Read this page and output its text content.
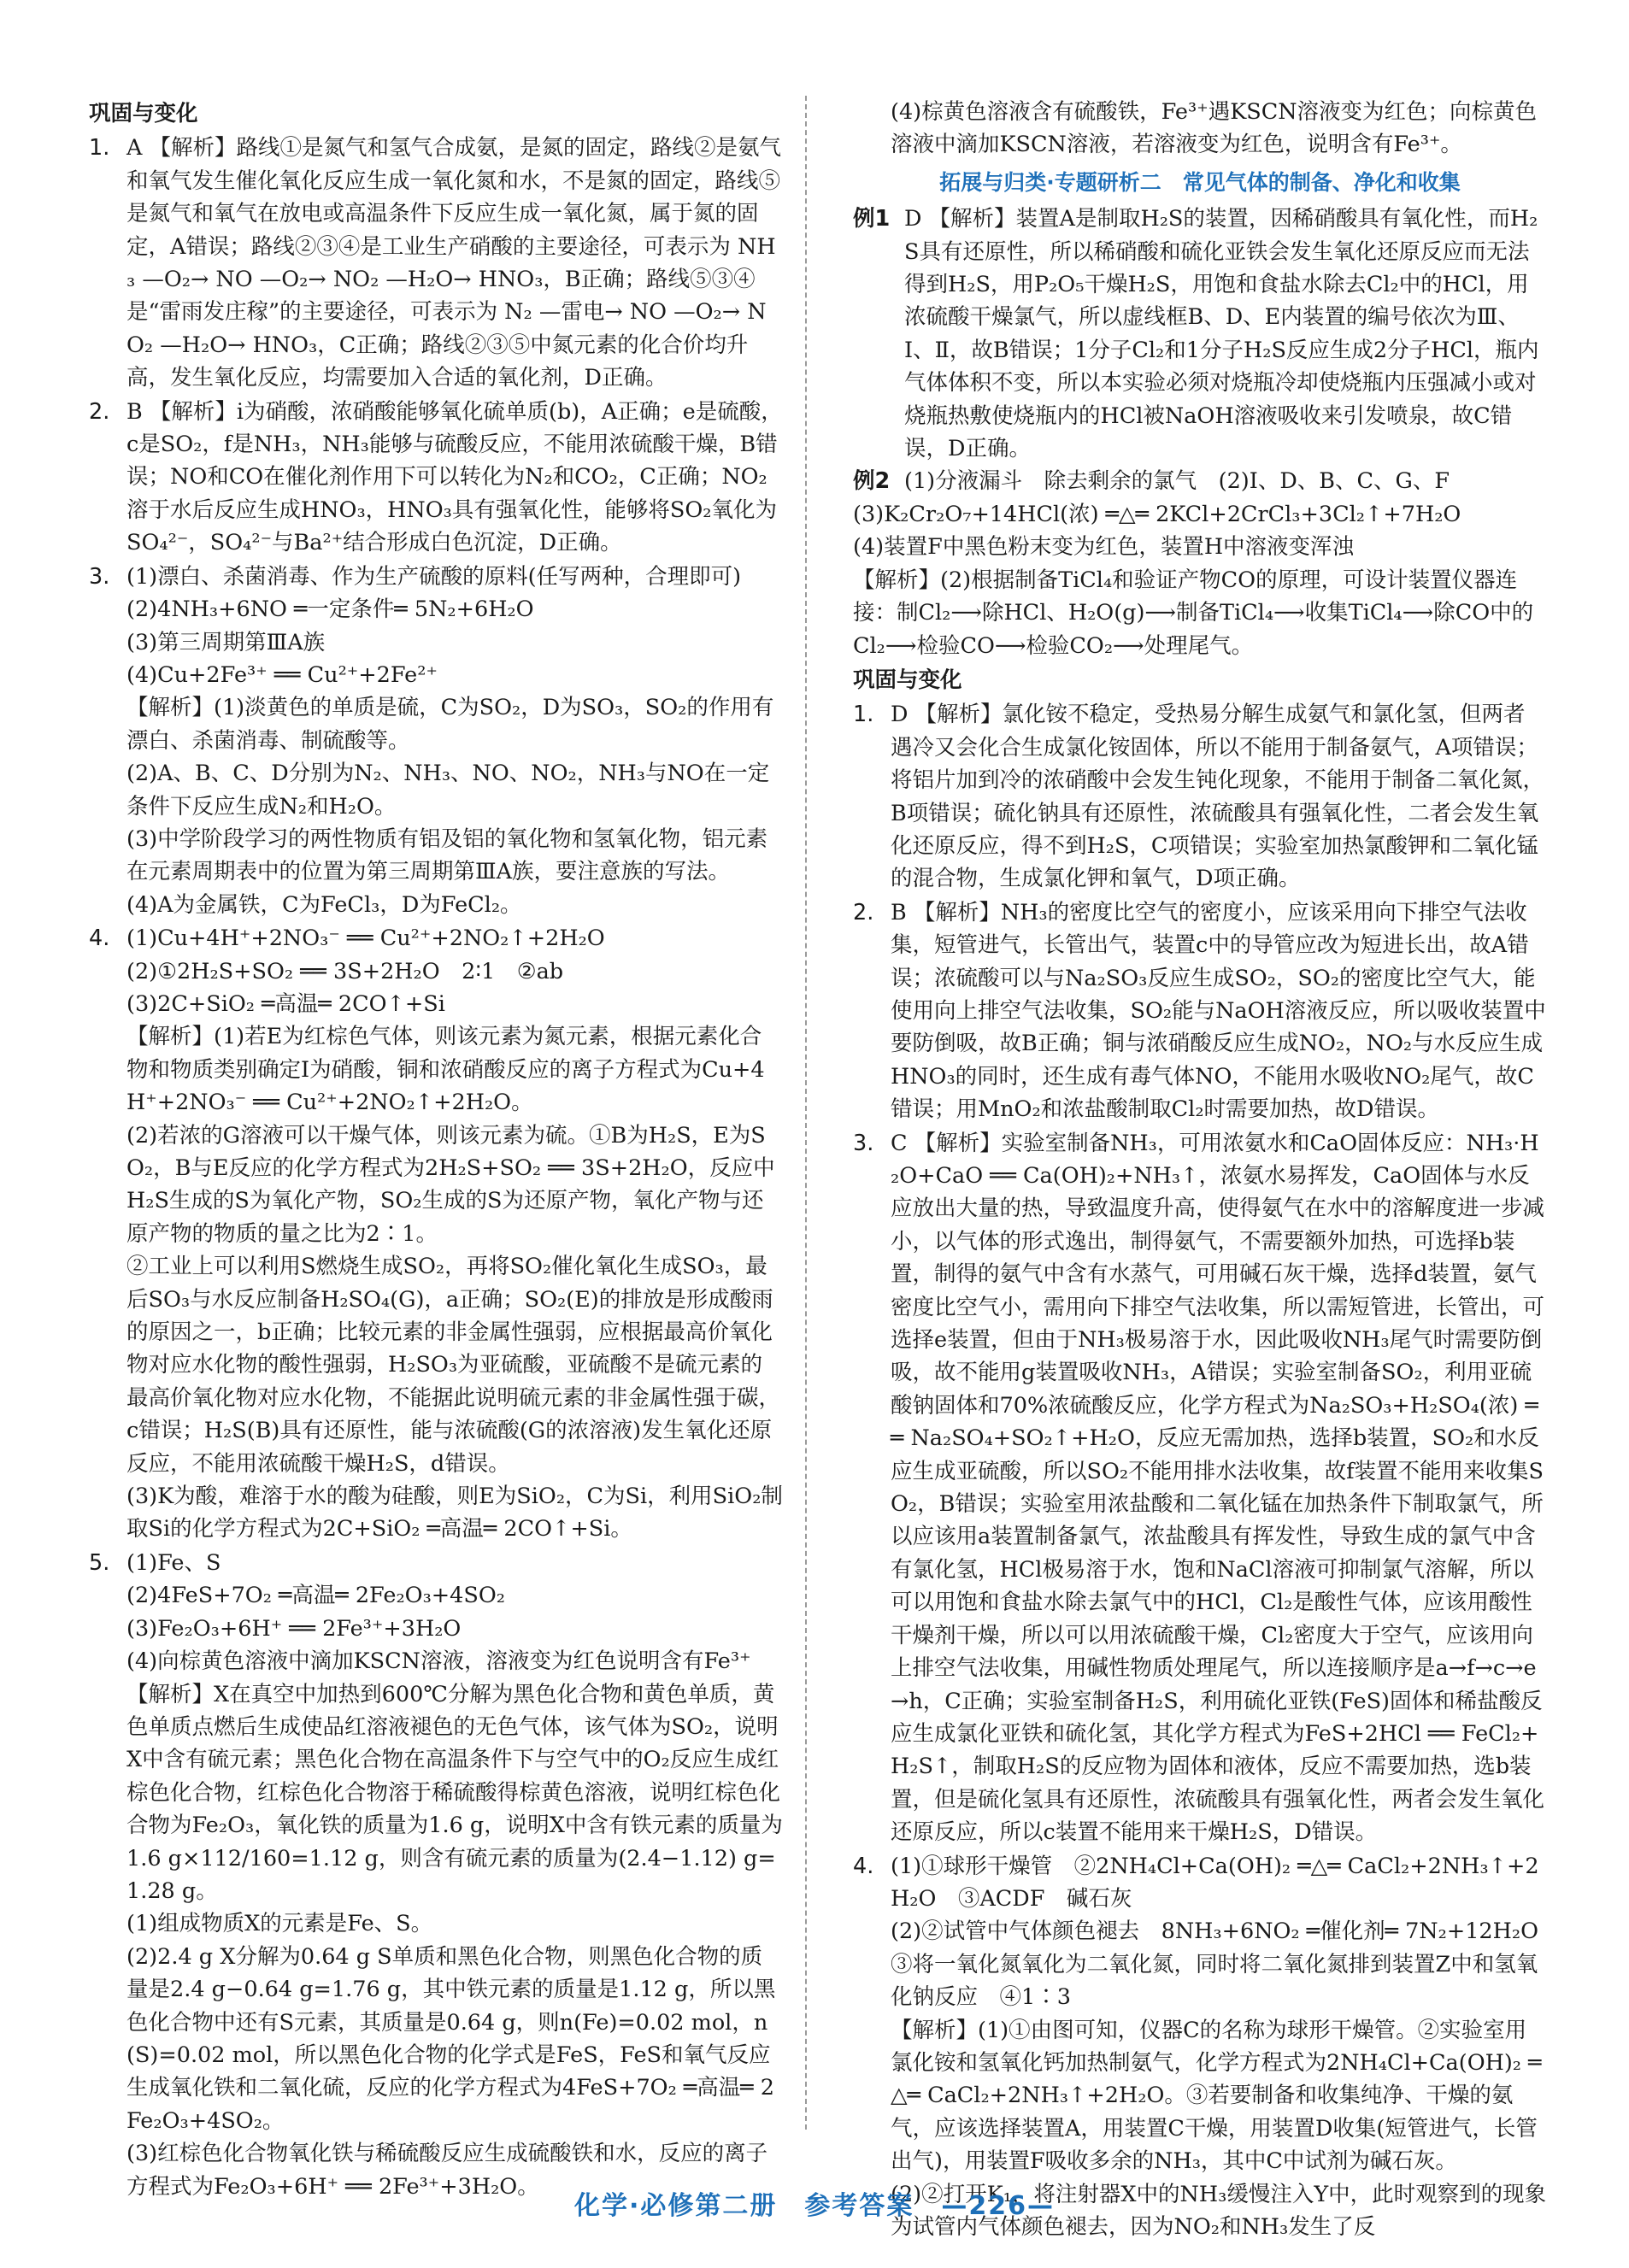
巩固与变化
1. A 【解析】路线①是氮气和氢气合成氨，是氮的固定，路线②是氨气和氧气发生催化氧化反应生成一氧化氮和水，不是氮的固定，路线⑤是氮气和氧气在放电或高温条件下反应生成一氧化氮，属于氮的固定，A错误；路线②③④是工业生产硝酸的主要途径，可表示为 NH₃ —O₂→ NO —O₂→ NO₂ —H₂O→ HNO₃，B正确；路线⑤③④是“雷雨发庄稼”的主要途径，可表示为 N₂ —雷电→ NO —O₂→ NO₂ —H₂O→ HNO₃，C正确；路线②③⑤中氮元素的化合价均升高，发生氧化反应，均需要加入合适的氧化剂，D正确。
2. B 【解析】i为硝酸，浓硝酸能够氧化硫单质(b)，A正确；e是硫酸，c是SO₂，f是NH₃，NH₃能够与硫酸反应，不能用浓硫酸干燥，B错误；NO和CO在催化剂作用下可以转化为N₂和CO₂，C正确；NO₂溶于水后反应生成HNO₃，HNO₃具有强氧化性，能够将SO₂氧化为SO₄²⁻，SO₄²⁻与Ba²⁺结合形成白色沉淀，D正确。
3. (1)漂白、杀菌消毒、作为生产硫酸的原料(任写两种，合理即可)
(2)4NH₃+6NO ═一定条件═ 5N₂+6H₂O
(3)第三周期第ⅢA族
(4)Cu+2Fe³⁺ ══ Cu²⁺+2Fe²⁺
【解析】(1)淡黄色的单质是硫，C为SO₂，D为SO₃，SO₂的作用有漂白、杀菌消毒、制硫酸等。
(2)A、B、C、D分别为N₂、NH₃、NO、NO₂，NH₃与NO在一定条件下反应生成N₂和H₂O。
(3)中学阶段学习的两性物质有铝及铝的氧化物和氢氧化物，铝元素在元素周期表中的位置为第三周期第ⅢA族，要注意族的写法。
(4)A为金属铁，C为FeCl₃，D为FeCl₂。
4. (1)Cu+4H⁺+2NO₃⁻ ══ Cu²⁺+2NO₂↑+2H₂O
(2)①2H₂S+SO₂ ══ 3S+2H₂O　2∶1　②ab
(3)2C+SiO₂ ═高温═ 2CO↑+Si
【解析】(1)若E为红棕色气体，则该元素为氮元素，根据元素化合物和物质类别确定I为硝酸，铜和浓硝酸反应的离子方程式为Cu+4H⁺+2NO₃⁻ ══ Cu²⁺+2NO₂↑+2H₂O。
(2)若浓的G溶液可以干燥气体，则该元素为硫。①B为H₂S，E为SO₂，B与E反应的化学方程式为2H₂S+SO₂ ══ 3S+2H₂O，反应中H₂S生成的S为氧化产物，SO₂生成的S为还原产物，氧化产物与还原产物的物质的量之比为2∶1。
②工业上可以利用S燃烧生成SO₂，再将SO₂催化氧化生成SO₃，最后SO₃与水反应制备H₂SO₄(G)，a正确；SO₂(E)的排放是形成酸雨的原因之一，b正确；比较元素的非金属性强弱，应根据最高价氧化物对应水化物的酸性强弱，H₂SO₃为亚硫酸，亚硫酸不是硫元素的最高价氧化物对应水化物，不能据此说明硫元素的非金属性强于碳，c错误；H₂S(B)具有还原性，能与浓硫酸(G的浓溶液)发生氧化还原反应，不能用浓硫酸干燥H₂S，d错误。
(3)K为酸，难溶于水的酸为硅酸，则E为SiO₂，C为Si，利用SiO₂制取Si的化学方程式为2C+SiO₂ ═高温═ 2CO↑+Si。
5. (1)Fe、S
(2)4FeS+7O₂ ═高温═ 2Fe₂O₃+4SO₂
(3)Fe₂O₃+6H⁺ ══ 2Fe³⁺+3H₂O
(4)向棕黄色溶液中滴加KSCN溶液，溶液变为红色说明含有Fe³⁺
【解析】X在真空中加热到600℃分解为黑色化合物和黄色单质，黄色单质点燃后生成使品红溶液褪色的无色气体，该气体为SO₂，说明X中含有硫元素；黑色化合物在高温条件下与空气中的O₂反应生成红棕色化合物，红棕色化合物溶于稀硫酸得棕黄色溶液，说明红棕色化合物为Fe₂O₃，氧化铁的质量为1.6 g，说明X中含有铁元素的质量为1.6 g×112/160=1.12 g，则含有硫元素的质量为(2.4−1.12) g=1.28 g。
(1)组成物质X的元素是Fe、S。
(2)2.4 g X分解为0.64 g S单质和黑色化合物，则黑色化合物的质量是2.4 g−0.64 g=1.76 g，其中铁元素的质量是1.12 g，所以黑色化合物中还有S元素，其质量是0.64 g，则n(Fe)=0.02 mol，n(S)=0.02 mol，所以黑色化合物的化学式是FeS，FeS和氧气反应生成氧化铁和二氧化硫，反应的化学方程式为4FeS+7O₂ ═高温═ 2Fe₂O₃+4SO₂。
(3)红棕色化合物氧化铁与稀硫酸反应生成硫酸铁和水，反应的离子方程式为Fe₂O₃+6H⁺ ══ 2Fe³⁺+3H₂O。
(4)棕黄色溶液含有硫酸铁，Fe³⁺遇KSCN溶液变为红色；向棕黄色溶液中滴加KSCN溶液，若溶液变为红色，说明含有Fe³⁺。
拓展与归类·专题研析二　常见气体的制备、净化和收集
例1 D 【解析】装置A是制取H₂S的装置，因稀硝酸具有氧化性，而H₂S具有还原性，所以稀硝酸和硫化亚铁会发生氧化还原反应而无法得到H₂S，用P₂O₅干燥H₂S，用饱和食盐水除去Cl₂中的HCl，用浓硫酸干燥氯气，所以虚线框B、D、E内装置的编号依次为Ⅲ、Ⅰ、Ⅱ，故B错误；1分子Cl₂和1分子H₂S反应生成2分子HCl，瓶内气体体积不变，所以本实验必须对烧瓶冷却使烧瓶内压强减小或对烧瓶热敷使烧瓶内的HCl被NaOH溶液吸收来引发喷泉，故C错误，D正确。
例2 (1)分液漏斗　除去剩余的氯气　(2)I、D、B、C、G、F
(3)K₂Cr₂O₇+14HCl(浓) ═△═ 2KCl+2CrCl₃+3Cl₂↑+7H₂O
(4)装置F中黑色粉末变为红色，装置H中溶液变浑浊
【解析】(2)根据制备TiCl₄和验证产物CO的原理，可设计装置仪器连接：制Cl₂⟶除HCl、H₂O(g)⟶制备TiCl₄⟶收集TiCl₄⟶除CO中的Cl₂⟶检验CO⟶检验CO₂⟶处理尾气。
巩固与变化
1. D 【解析】氯化铵不稳定，受热易分解生成氨气和氯化氢，但两者遇冷又会化合生成氯化铵固体，所以不能用于制备氨气，A项错误；将铝片加到冷的浓硝酸中会发生钝化现象，不能用于制备二氧化氮，B项错误；硫化钠具有还原性，浓硫酸具有强氧化性，二者会发生氧化还原反应，得不到H₂S，C项错误；实验室加热氯酸钾和二氧化锰的混合物，生成氯化钾和氧气，D项正确。
2. B 【解析】NH₃的密度比空气的密度小，应该采用向下排空气法收集，短管进气，长管出气，装置c中的导管应改为短进长出，故A错误；浓硫酸可以与Na₂SO₃反应生成SO₂，SO₂的密度比空气大，能使用向上排空气法收集，SO₂能与NaOH溶液反应，所以吸收装置中要防倒吸，故B正确；铜与浓硝酸反应生成NO₂，NO₂与水反应生成HNO₃的同时，还生成有毒气体NO，不能用水吸收NO₂尾气，故C错误；用MnO₂和浓盐酸制取Cl₂时需要加热，故D错误。
3. C 【解析】实验室制备NH₃，可用浓氨水和CaO固体反应：NH₃·H₂O+CaO ══ Ca(OH)₂+NH₃↑，浓氨水易挥发，CaO固体与水反应放出大量的热，导致温度升高，使得氨气在水中的溶解度进一步减小，以气体的形式逸出，制得氨气，不需要额外加热，可选择b装置，制得的氨气中含有水蒸气，可用碱石灰干燥，选择d装置，氨气密度比空气小，需用向下排空气法收集，所以需短管进，长管出，可选择e装置，但由于NH₃极易溶于水，因此吸收NH₃尾气时需要防倒吸，故不能用g装置吸收NH₃，A错误；实验室制备SO₂，利用亚硫酸钠固体和70%浓硫酸反应，化学方程式为Na₂SO₃+H₂SO₄(浓) ══ Na₂SO₄+SO₂↑+H₂O，反应无需加热，选择b装置，SO₂和水反应生成亚硫酸，所以SO₂不能用排水法收集，故f装置不能用来收集SO₂，B错误；实验室用浓盐酸和二氧化锰在加热条件下制取氯气，所以应该用a装置制备氯气，浓盐酸具有挥发性，导致生成的氯气中含有氯化氢，HCl极易溶于水，饱和NaCl溶液可抑制氯气溶解，所以可以用饱和食盐水除去氯气中的HCl，Cl₂是酸性气体，应该用酸性干燥剂干燥，所以可以用浓硫酸干燥，Cl₂密度大于空气，应该用向上排空气法收集，用碱性物质处理尾气，所以连接顺序是a→f→c→e→h，C正确；实验室制备H₂S，利用硫化亚铁(FeS)固体和稀盐酸反应生成氯化亚铁和硫化氢，其化学方程式为FeS+2HCl ══ FeCl₂+H₂S↑，制取H₂S的反应物为固体和液体，反应不需要加热，选b装置，但是硫化氢具有还原性，浓硫酸具有强氧化性，两者会发生氧化还原反应，所以c装置不能用来干燥H₂S，D错误。
4. (1)①球形干燥管　②2NH₄Cl+Ca(OH)₂ ═△═ CaCl₂+2NH₃↑+2H₂O　③ACDF　碱石灰
(2)②试管中气体颜色褪去　8NH₃+6NO₂ ═催化剂═ 7N₂+12H₂O　③将一氧化氮氧化为二氧化氮，同时将二氧化氮排到装置Z中和氢氧化钠反应　④1∶3
【解析】(1)①由图可知，仪器C的名称为球形干燥管。②实验室用氯化铵和氢氧化钙加热制氨气，化学方程式为2NH₄Cl+Ca(OH)₂ ═△═ CaCl₂+2NH₃↑+2H₂O。③若要制备和收集纯净、干燥的氨气，应该选择装置A，用装置C干燥，用装置D收集(短管进气，长管出气)，用装置F吸收多余的NH₃，其中C中试剂为碱石灰。
(2)②打开K₁，将注射器X中的NH₃缓慢注入Y中，此时观察到的现象为试管内气体颜色褪去，因为NO₂和NH₃发生了反
化学·必修第二册　参考答案　—226—
